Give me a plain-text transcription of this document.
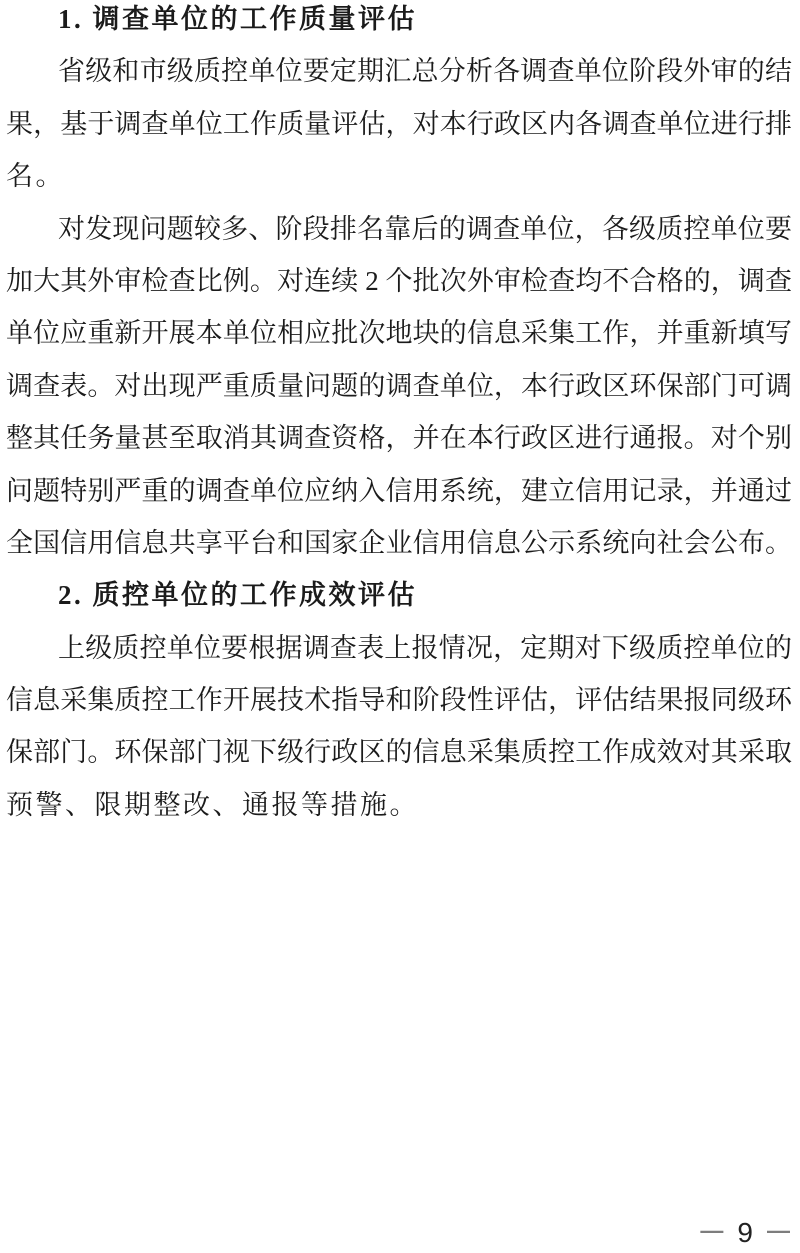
1. 调查单位的工作质量评估
省级和市级质控单位要定期汇总分析各调查单位阶段外审的结
果，基于调查单位工作质量评估，对本行政区内各调查单位进行排
名。
对发现问题较多、阶段排名靠后的调查单位，各级质控单位要
加大其外审检查比例。对连续 2 个批次外审检查均不合格的，调查
单位应重新开展本单位相应批次地块的信息采集工作，并重新填写
调查表。对出现严重质量问题的调查单位，本行政区环保部门可调
整其任务量甚至取消其调查资格，并在本行政区进行通报。对个别
问题特别严重的调查单位应纳入信用系统，建立信用记录，并通过
全国信用信息共享平台和国家企业信用信息公示系统向社会公布。
2. 质控单位的工作成效评估
上级质控单位要根据调查表上报情况，定期对下级质控单位的
信息采集质控工作开展技术指导和阶段性评估，评估结果报同级环
保部门。环保部门视下级行政区的信息采集质控工作成效对其采取
预警、限期整改、通报等措施。
— 9 —
